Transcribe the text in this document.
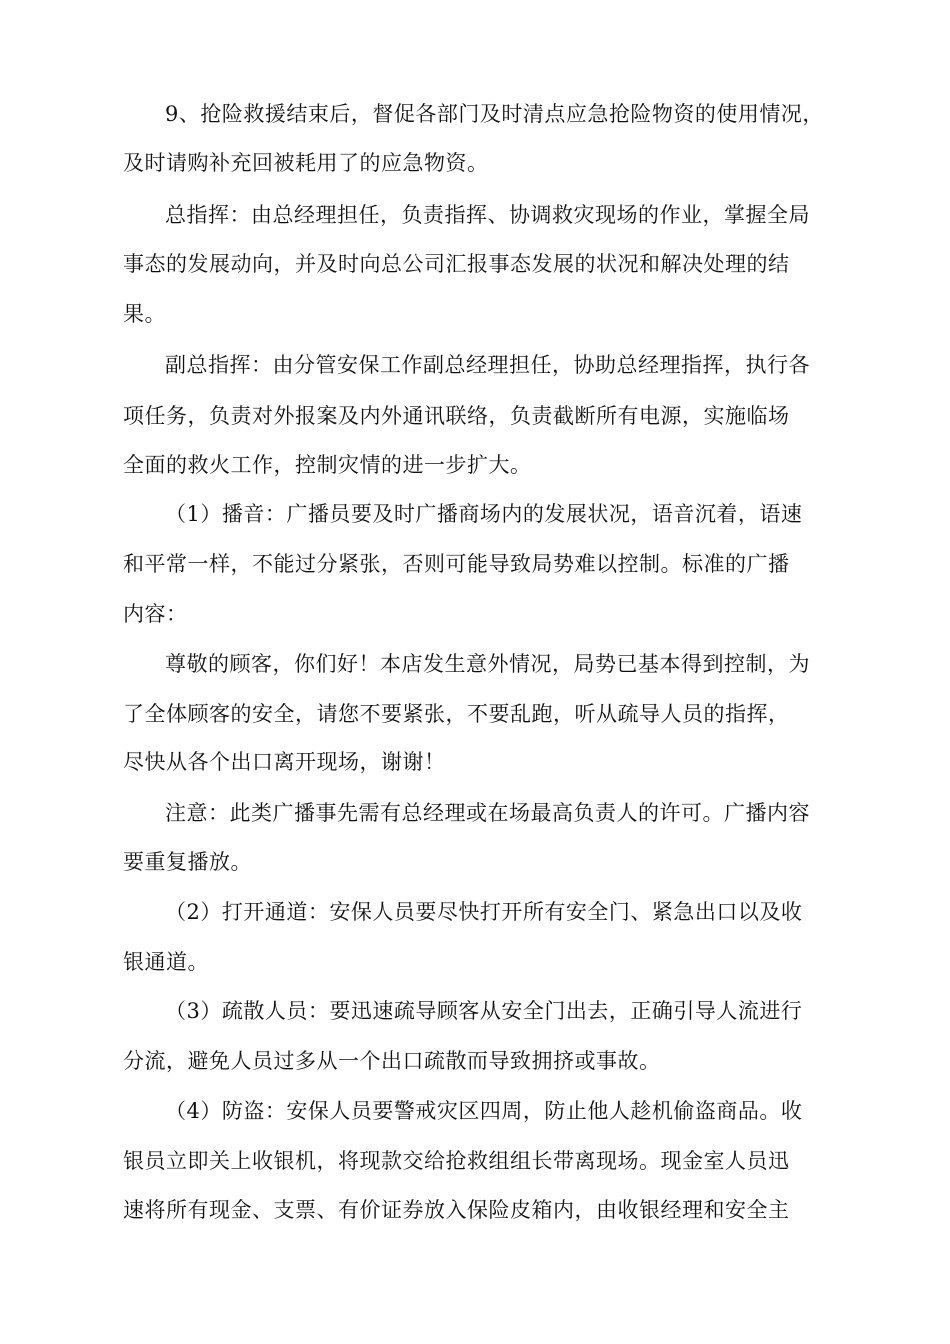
9、抢险救援结束后，督促各部门及时清点应急抢险物资的使用情况，
及时请购补充回被耗用了的应急物资。
总指挥：由总经理担任，负责指挥、协调救灾现场的作业，掌握全局
事态的发展动向，并及时向总公司汇报事态发展的状况和解决处理的结
果。
副总指挥：由分管安保工作副总经理担任，协助总经理指挥，执行各
项任务，负责对外报案及内外通讯联络，负责截断所有电源，实施临场
全面的救火工作，控制灾情的进一步扩大。
（1）播音：广播员要及时广播商场内的发展状况，语音沉着，语速
和平常一样，不能过分紧张，否则可能导致局势难以控制。标准的广播
内容：
尊敬的顾客，你们好！本店发生意外情况，局势已基本得到控制，为
了全体顾客的安全，请您不要紧张，不要乱跑，听从疏导人员的指挥，
尽快从各个出口离开现场，谢谢！
注意：此类广播事先需有总经理或在场最高负责人的许可。广播内容
要重复播放。
（2）打开通道：安保人员要尽快打开所有安全门、紧急出口以及收
银通道。
（3）疏散人员：要迅速疏导顾客从安全门出去，正确引导人流进行
分流，避免人员过多从一个出口疏散而导致拥挤或事故。
（4）防盗：安保人员要警戒灾区四周，防止他人趁机偷盗商品。收
银员立即关上收银机，将现款交给抢救组组长带离现场。现金室人员迅
速将所有现金、支票、有价证券放入保险皮箱内，由收银经理和安全主
